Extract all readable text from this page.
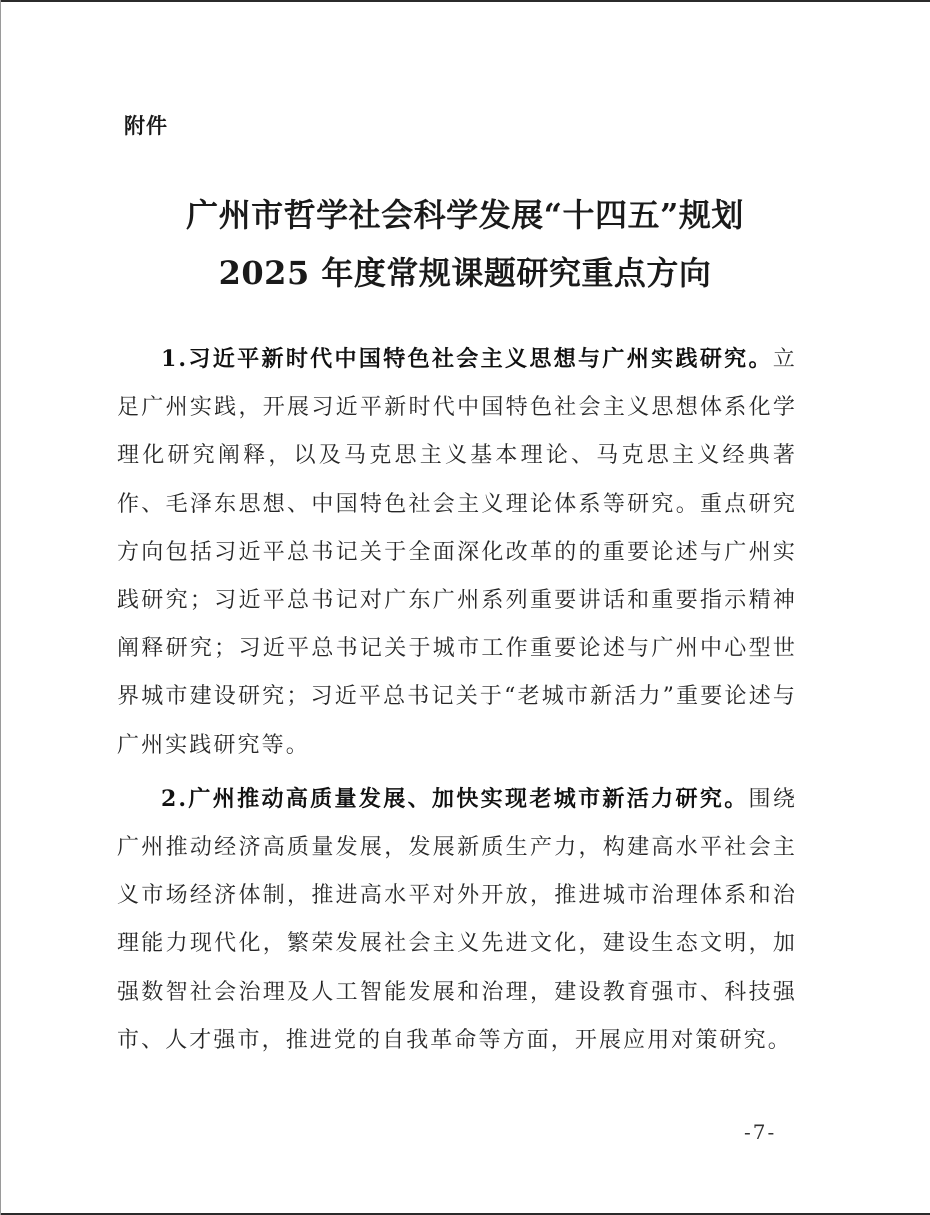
附件

广州市哲学社会科学发展“十四五”规划
2025 年度常规课题研究重点方向

1.习近平新时代中国特色社会主义思想与广州实践研究。立足广州实践，开展习近平新时代中国特色社会主义思想体系化学理化研究阐释，以及马克思主义基本理论、马克思主义经典著作、毛泽东思想、中国特色社会主义理论体系等研究。重点研究方向包括习近平总书记关于全面深化改革的的重要论述与广州实践研究；习近平总书记对广东广州系列重要讲话和重要指示精神阐释研究；习近平总书记关于城市工作重要论述与广州中心型世界城市建设研究；习近平总书记关于“老城市新活力”重要论述与广州实践研究等。

2.广州推动高质量发展、加快实现老城市新活力研究。围绕广州推动经济高质量发展，发展新质生产力，构建高水平社会主义市场经济体制，推进高水平对外开放，推进城市治理体系和治理能力现代化，繁荣发展社会主义先进文化，建设生态文明，加强数智社会治理及人工智能发展和治理，建设教育强市、科技强市、人才强市，推进党的自我革命等方面，开展应用对策研究。

-7-
